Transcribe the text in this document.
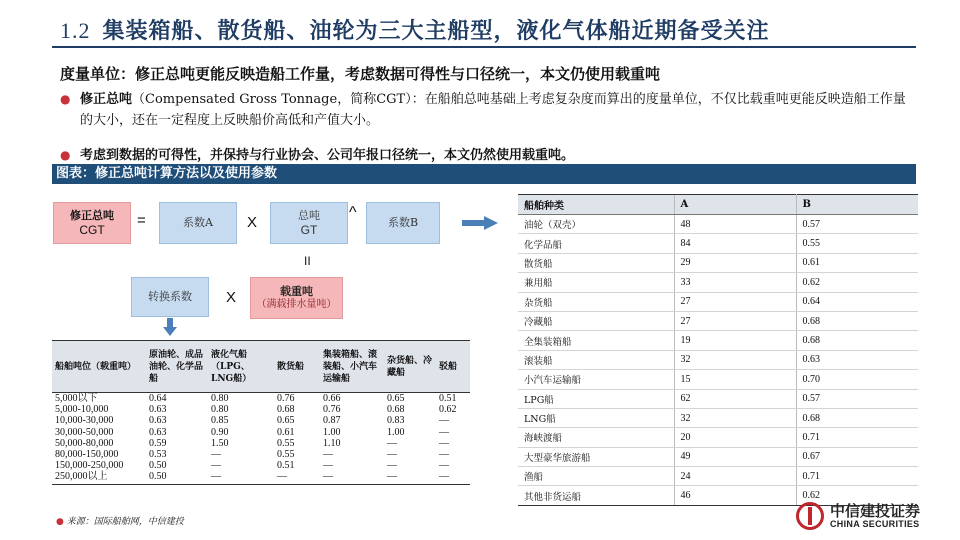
1.2 集装箱船、散货船、油轮为三大主船型，液化气体船近期备受关注
度量单位：修正总吨更能反映造船工作量，考虑数据可得性与口径统一，本文仍使用载重吨
● 修正总吨（Compensated Gross Tonnage，简称CGT）：在船舶总吨基础上考虑复杂度而算出的度量单位，不仅比载重吨更能反映造船工作量的大小，还在一定程度上反映船价高低和产值大小。
● 考虑到数据的可得性，并保持与行业协会、公司年报口径统一，本文仍然使用载重吨。
图表：修正总吨计算方法以及使用参数
修正总吨
CGT
=	系数A X	总吨
GT
^
系数B
II
转换系数 X	载重吨
（满载排水量吨）
船舶吨位（载重吨）	原油轮、成品油轮、化学品船	液化气船（LPG、LNG船）	散货船	集装箱船、滚装船、小汽车运输船	杂货船、冷藏船	驳船
5,000以下	0.64	0.80	0.76	0.66	0.65	0.51
5,000-10,000	0.63	0.80	0.68	0.76	0.68	0.62
10,000-30,000	0.63	0.85	0.65	0.87	0.83	—
30,000-50,000	0.63	0.90	0.61	1.00	1.00	—
50,000-80,000	0.59	1.50	0.55	1.10	—	—
80,000-150,000	0.53	—	0.55	—	—	—
150,000-250,000	0.50	—	0.51	—	—	—
250,000以上	0.50	—	—	—	—	—
船舶种类	A	B
油轮（双壳）	48	0.57
化学品船	84	0.55
散货船	29	0.61
兼用船	33	0.62
杂货船	27	0.64
冷藏船	27	0.68
全集装箱船	19	0.68
滚装船	32	0.63
小汽车运输船	15	0.70
LPG船	62	0.57
LNG船	32	0.68
海峡渡船	20	0.71
大型豪华旅游船	49	0.67
渔船	24	0.71
其他非货运船	46	0.62
● 来源：国际船舶网，中信建投
中信建投证券
CHINA SECURITIES
